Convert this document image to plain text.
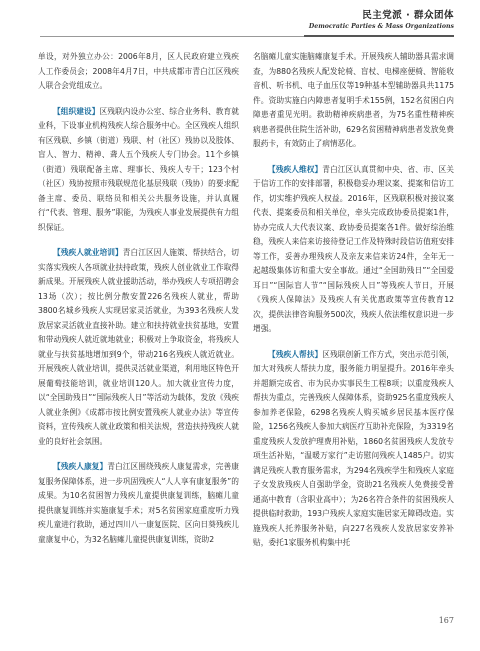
民主党派 · 群众团体
Democratic Parties & Mass Organizations

单设，对外独立办公：2006年8月，区人民政府建立残疾人工作委员会；2008年4月7日，中共成都市青白江区残疾人联合会党组成立。

【组织建设】区残联内设办公室、综合业务科、教育就业科，下设事业机构残疾人综合服务中心。全区残疾人组织有区残联、乡镇（街道）残联、村（社区）残协以及肢体、盲人、智力、精神、聋人五个残疾人专门协会。11个乡镇（街道）残联配备主席、理事长、残疾人专干；123个村（社区）残协按照市残联规范化基层残联（残协）的要求配备主席、委员、联络员和相关公共服务设施，并认真履行“代表、管理、服务”职能，为残疾人事业发展提供有力组织保证。

【残疾人就业培训】青白江区因人施策、帮扶结合，切实落实残疾人各项就业扶持政策，残疾人创业就业工作取得新成果。开展残疾人就业援助活动，举办残疾人专项招聘会13场（次）；按比例分散安置226名残疾人就业，帮助3800名城乡残疾人实现居家灵活就业，为393名残疾人发放居家灵活就业直接补助。建立和扶持就业扶贫基地，安置和带动残疾人就近就地就业；积极对上争取资金，将残疾人就业与扶贫基地增加到9个，带动216名残疾人就近就业。开展残疾人就业培训，提供灵活就业渠道，利用地区特色开展葡萄技能培训，就业培训120人。加大就业宣传力度，以“全国助残日”“国际残疾人日”等活动为载体，发放《残疾人就业条例》《成都市按比例安置残疾人就业办法》等宣传资料，宣传残疾人就业政策和相关法规，营造扶持残疾人就业的良好社会氛围。

【残疾人康复】青白江区围绕残疾人康复需求，完善康复服务保障体系，进一步巩固残疾人“人人享有康复服务”的成果。为10名贫困智力残疾儿童提供康复训练，脑瘫儿童提供康复训练并实施康复手术；对5名贫困家庭重度听力残疾儿童进行救助，通过四川八一康复医院、区向日葵残疾儿童康复中心，为32名脑瘫儿童提供康复训练，资助2

名脑瘫儿童实施脑瘫康复手术。开展残疾人辅助器具需求调查，为880名残疾人配发轮椅、盲杖、电梯座便椅、智能收音机、听书机、电子血压仪等19种基本型辅助器具共1175件。资助实施白内障患者复明手术155例，152名贫困白内障患者重见光明。救助精神疾病患者，为75名重性精神疾病患者提供住院生活补助，629名贫困精神病患者发放免费服药卡，有效防止了病情恶化。

【残疾人维权】青白江区认真贯彻中央、省、市、区关于信访工作的安排部署，积极稳妥办理议案、提案和信访工作，切实维护残疾人权益。2016年，区残联积极对接议案代表、提案委员和相关单位，牵头完成政协委员提案1件，协办完成人大代表议案、政协委员提案各1件。做好综治维稳，残疾人来信来访接待登记工作及特殊时段信访值班安排等工作，妥善办理残疾人及亲友来信来访24件，全年无一起越级集体访和重大安全事故。通过“全国助残日”“全国爱耳日”“国际盲人节”“国际残疾人日”等残疾人节日，开展《残疾人保障法》及残疾人有关优惠政策等宣传教育12次，提供法律咨询服务500次，残疾人依法维权意识进一步增强。

【残疾人帮扶】区残联创新工作方式，突出示范引领，加大对残疾人帮扶力度，服务能力明显提升。2016年牵头并超额完成省、市为民办实事民生工程8项；以重度残疾人帮扶为重点，完善残疾人保障体系，资助925名重度残疾人参加养老保险，6298名残疾人购买城乡居民基本医疗保险，1256名残疾人参加大病医疗互助补充保险，为3319名重度残疾人发放护理费用补贴，1860名贫困残疾人发放专项生活补贴，“温暖万家行”走访慰问残疾人1485户。切实满足残疾人教育服务需求，为294名残疾学生和残疾人家庭子女发放残疾人自强助学金，资助21名残疾人免费接受普通高中教育（含职业高中）；为26名符合条件的贫困残疾人提供临时救助，193户残疾人家庭实施居家无障碍改造。实施残疾人托养服务补贴，向227名残疾人发放居家安养补贴，委托1家服务机构集中托

167
